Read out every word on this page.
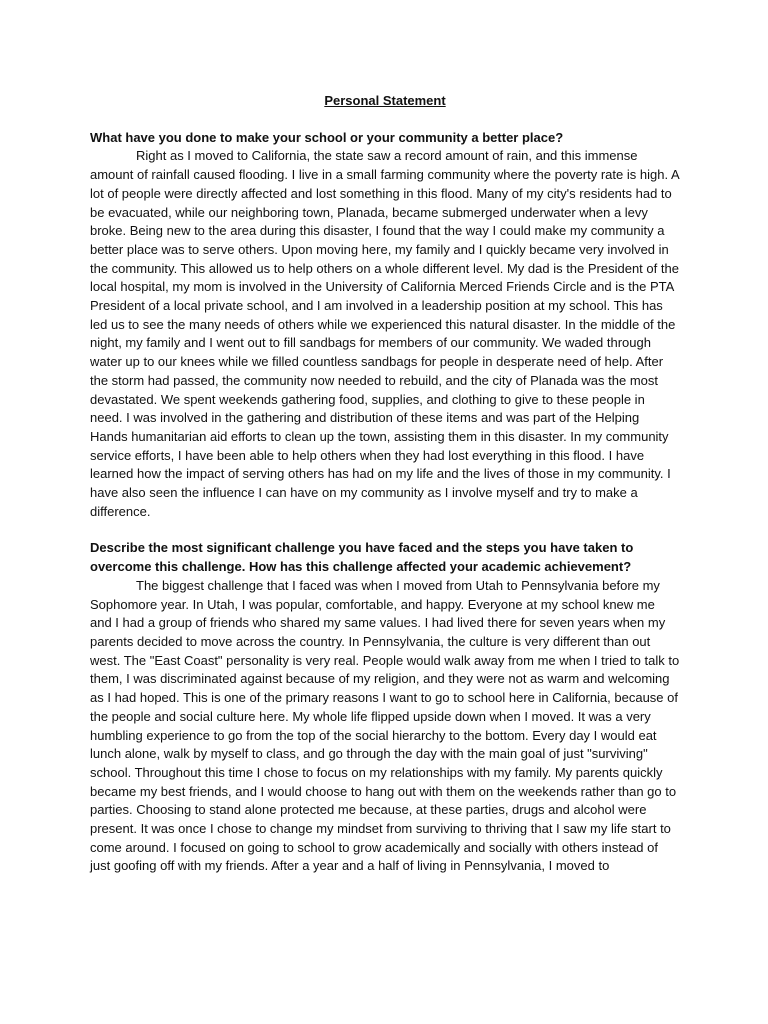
Personal Statement

What have you done to make your school or your community a better place?

Right as I moved to California, the state saw a record amount of rain, and this immense amount of rainfall caused flooding. I live in a small farming community where the poverty rate is high. A lot of people were directly affected and lost something in this flood. Many of my city's residents had to be evacuated, while our neighboring town, Planada, became submerged underwater when a levy broke. Being new to the area during this disaster, I found that the way I could make my community a better place was to serve others. Upon moving here, my family and I quickly became very involved in the community. This allowed us to help others on a whole different level. My dad is the President of the local hospital, my mom is involved in the University of California Merced Friends Circle and is the PTA President of a local private school, and I am involved in a leadership position at my school. This has led us to see the many needs of others while we experienced this natural disaster. In the middle of the night, my family and I went out to fill sandbags for members of our community. We waded through water up to our knees while we filled countless sandbags for people in desperate need of help. After the storm had passed, the community now needed to rebuild, and the city of Planada was the most devastated. We spent weekends gathering food, supplies, and clothing to give to these people in need. I was involved in the gathering and distribution of these items and was part of the Helping Hands humanitarian aid efforts to clean up the town, assisting them in this disaster. In my community service efforts, I have been able to help others when they had lost everything in this flood. I have learned how the impact of serving others has had on my life and the lives of those in my community. I have also seen the influence I can have on my community as I involve myself and try to make a difference.

Describe the most significant challenge you have faced and the steps you have taken to overcome this challenge. How has this challenge affected your academic achievement?

The biggest challenge that I faced was when I moved from Utah to Pennsylvania before my Sophomore year. In Utah, I was popular, comfortable, and happy. Everyone at my school knew me and I had a group of friends who shared my same values. I had lived there for seven years when my parents decided to move across the country. In Pennsylvania, the culture is very different than out west. The "East Coast" personality is very real. People would walk away from me when I tried to talk to them, I was discriminated against because of my religion, and they were not as warm and welcoming as I had hoped. This is one of the primary reasons I want to go to school here in California, because of the people and social culture here. My whole life flipped upside down when I moved. It was a very humbling experience to go from the top of the social hierarchy to the bottom. Every day I would eat lunch alone, walk by myself to class, and go through the day with the main goal of just "surviving" school. Throughout this time I chose to focus on my relationships with my family. My parents quickly became my best friends, and I would choose to hang out with them on the weekends rather than go to parties. Choosing to stand alone protected me because, at these parties, drugs and alcohol were present. It was once I chose to change my mindset from surviving to thriving that I saw my life start to come around. I focused on going to school to grow academically and socially with others instead of just goofing off with my friends. After a year and a half of living in Pennsylvania, I moved to
